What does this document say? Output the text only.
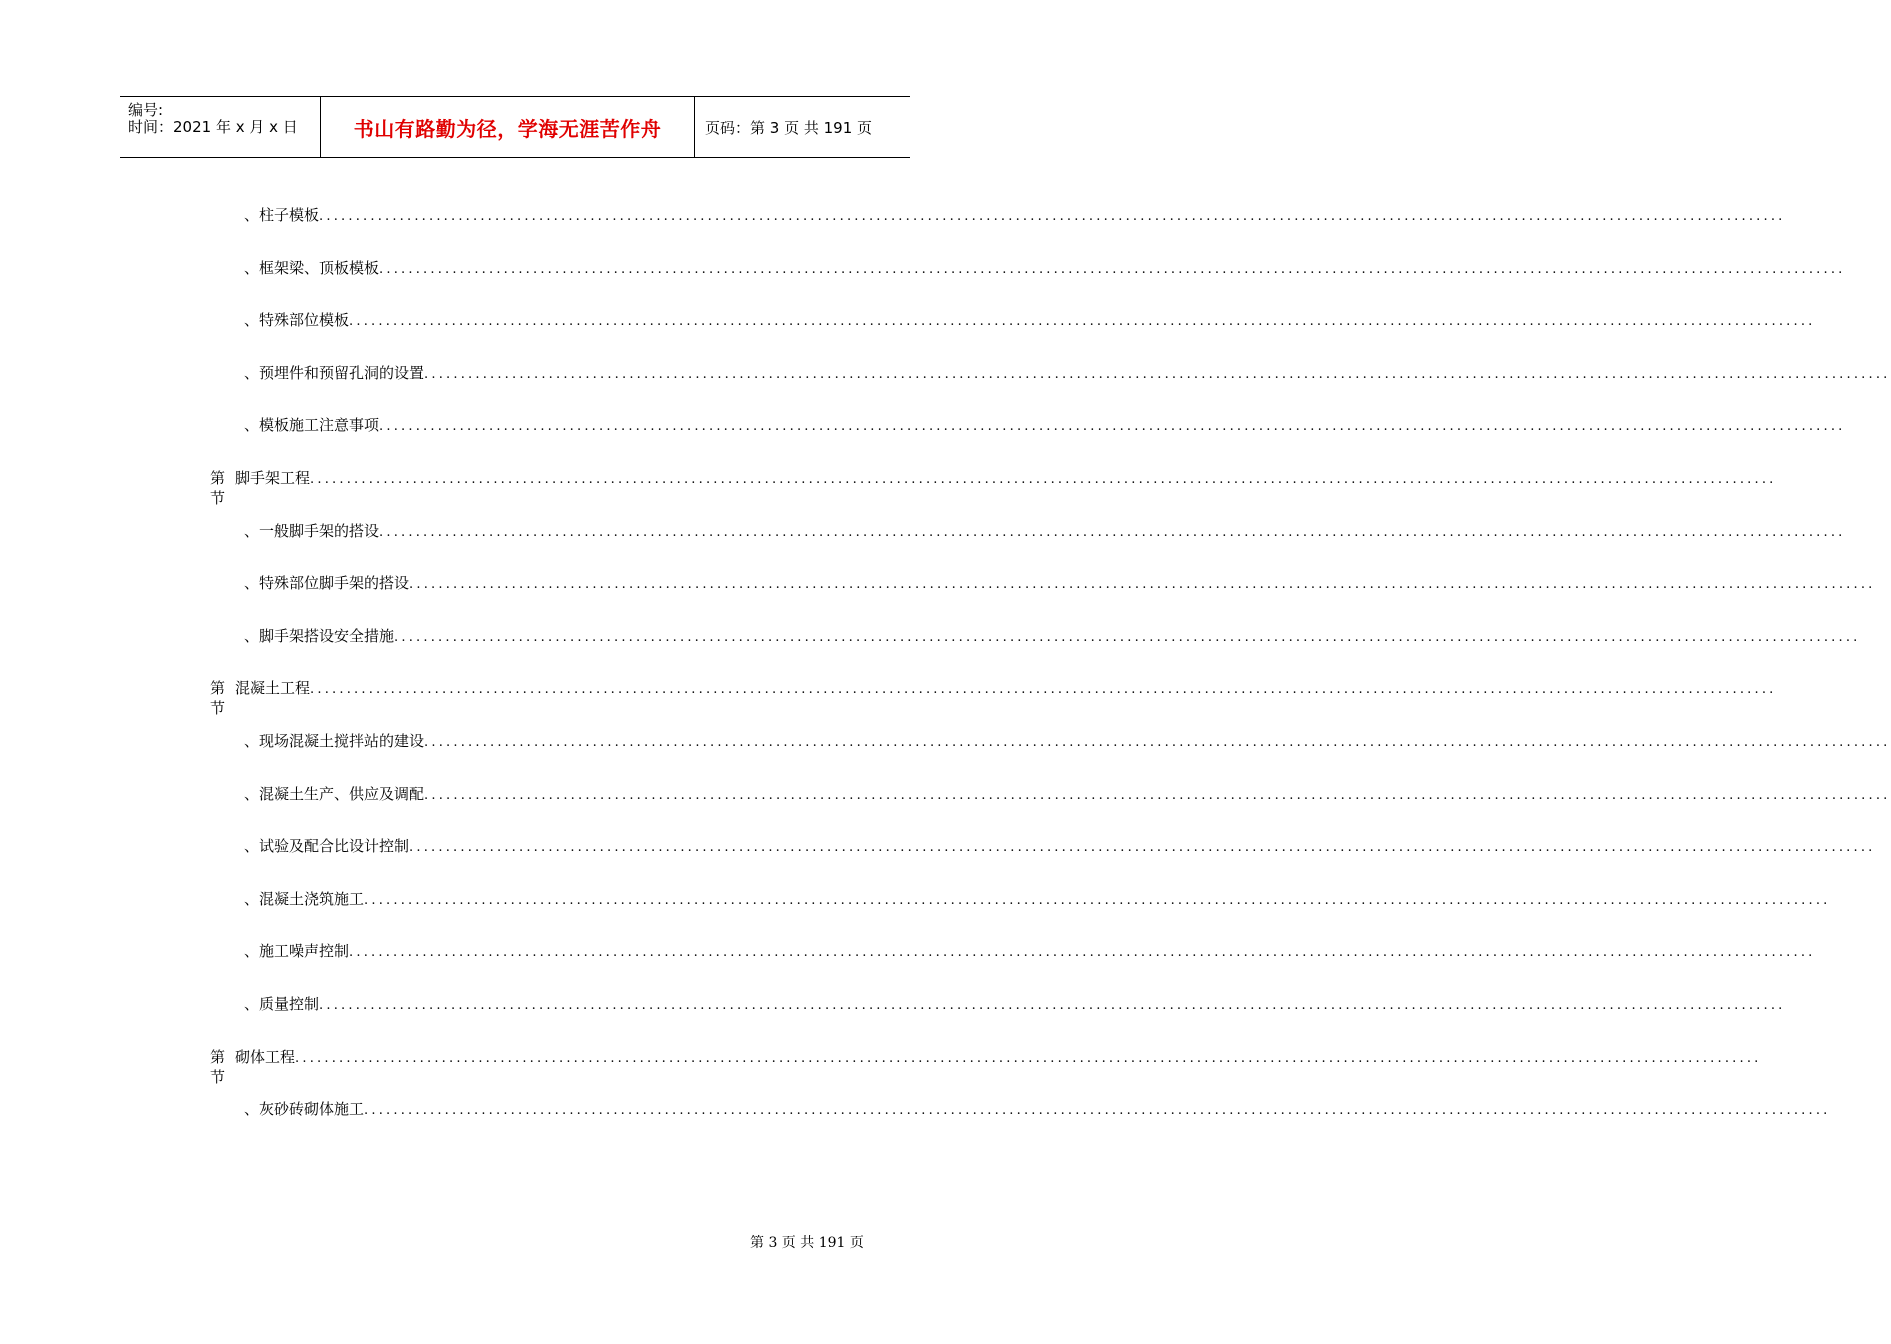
编号:
时间：2021 年 x 月 x 日	书山有路勤为径，学海无涯苦作舟	页码：第 3 页 共 191 页
、 柱子模板 ........................................................................................................................................................................................................
、 框架梁、顶板模板 ........................................................................................................................................................................................................
、 特殊部位模板 ........................................................................................................................................................................................................
、 预埋件和预留孔洞的设置 ........................................................................................................................................................................................................
、 模板施工注意事项 ........................................................................................................................................................................................................
第节
脚手架工程 ........................................................................................................................................................................................................
、 一般脚手架的搭设 ........................................................................................................................................................................................................
、 特殊部位脚手架的搭设 ........................................................................................................................................................................................................
、 脚手架搭设安全措施 ........................................................................................................................................................................................................
第节
混凝土工程 ........................................................................................................................................................................................................
、 现场混凝土搅拌站的建设 ........................................................................................................................................................................................................
、 混凝土生产、供应及调配 ........................................................................................................................................................................................................
、 试验及配合比设计控制 ........................................................................................................................................................................................................
、 混凝土浇筑施工 ........................................................................................................................................................................................................
、 施工噪声控制 ........................................................................................................................................................................................................
、 质量控制 ........................................................................................................................................................................................................
第节
砌体工程 ........................................................................................................................................................................................................
、 灰砂砖砌体施工 ........................................................................................................................................................................................................
第 3 页 共 191 页
